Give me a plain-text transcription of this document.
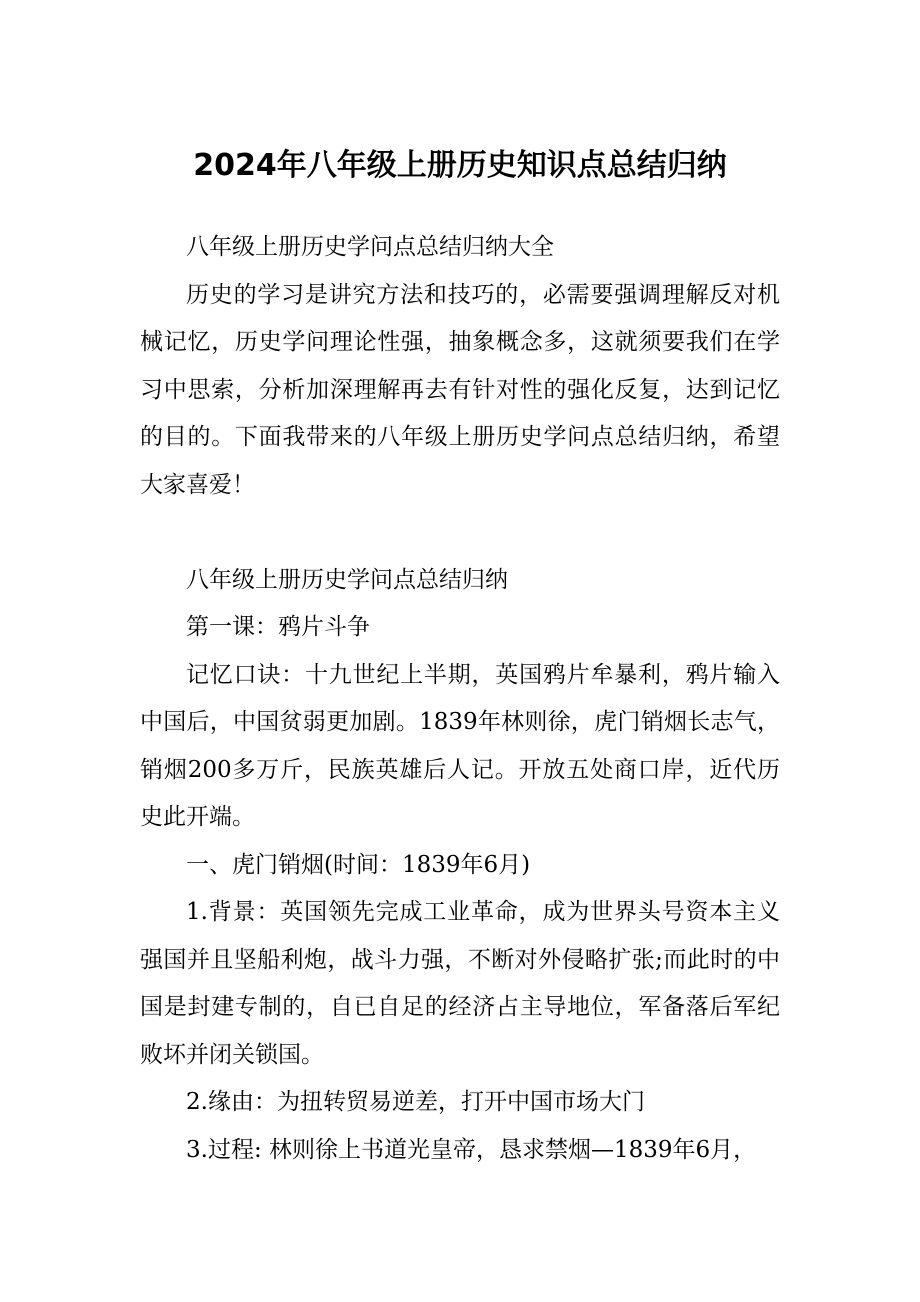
2024年八年级上册历史知识点总结归纳

八年级上册历史学问点总结归纳大全

历史的学习是讲究方法和技巧的，必需要强调理解反对机械记忆，历史学问理论性强，抽象概念多，这就须要我们在学习中思索，分析加深理解再去有针对性的强化反复，达到记忆的目的。下面我带来的八年级上册历史学问点总结归纳，希望大家喜爱！

八年级上册历史学问点总结归纳

第一课：鸦片斗争

记忆口诀：十九世纪上半期，英国鸦片牟暴利，鸦片输入中国后，中国贫弱更加剧。1839年林则徐，虎门销烟长志气，销烟200多万斤，民族英雄后人记。开放五处商口岸，近代历史此开端。

一、虎门销烟(时间：1839年6月)

1.背景：英国领先完成工业革命，成为世界头号资本主义强国并且坚船利炮，战斗力强，不断对外侵略扩张;而此时的中国是封建专制的，自已自足的经济占主导地位，军备落后军纪败坏并闭关锁国。

2.缘由：为扭转贸易逆差，打开中国市场大门

3.过程: 林则徐上书道光皇帝，恳求禁烟—1839年6月，
